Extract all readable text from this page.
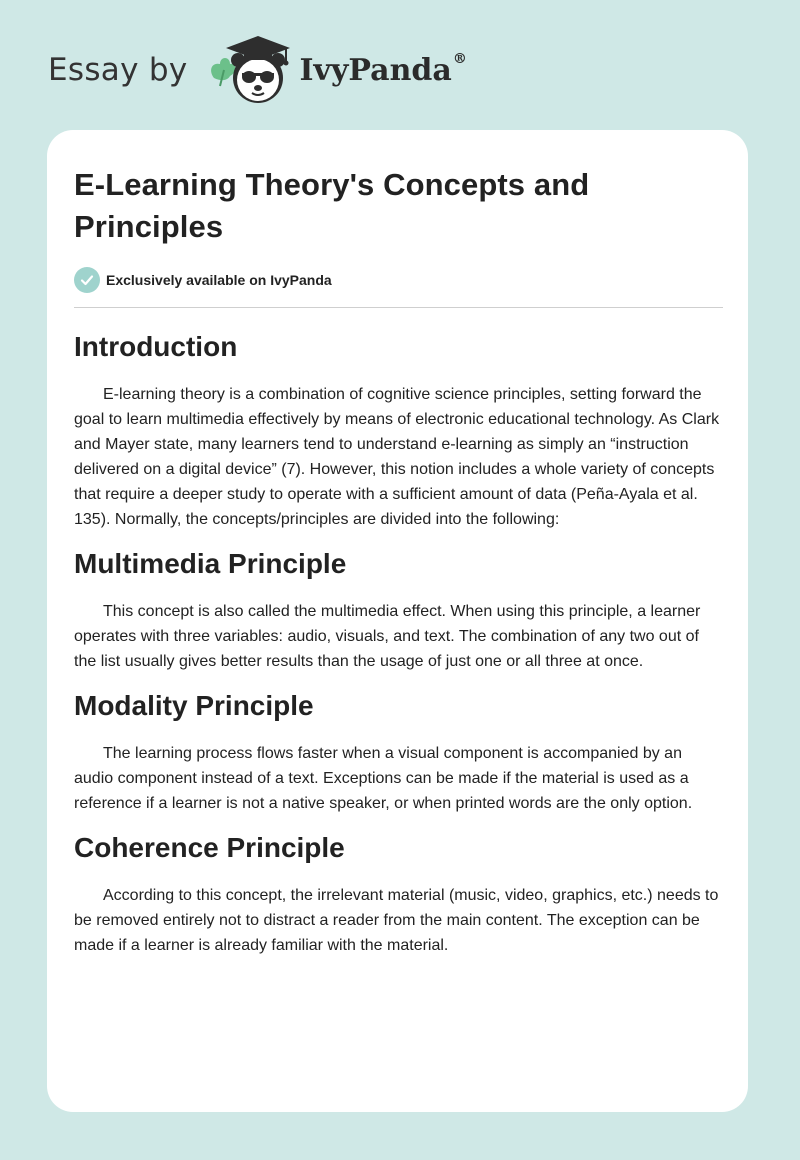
Essay by	IvyPanda®
E-Learning Theory's Concepts and Principles
Exclusively available on IvyPanda
Introduction

E-learning theory is a combination of cognitive science principles, setting forward the goal to learn multimedia effectively by means of electronic educational technology. As Clark and Mayer state, many learners tend to understand e-learning as simply an “instruction delivered on a digital device” (7). However, this notion includes a whole variety of concepts that require a deeper study to operate with a sufficient amount of data (Peña-Ayala et al. 135). Normally, the concepts/principles are divided into the following:

Multimedia Principle

This concept is also called the multimedia effect. When using this principle, a learner operates with three variables: audio, visuals, and text. The combination of any two out of the list usually gives better results than the usage of just one or all three at once.

Modality Principle

The learning process flows faster when a visual component is accompanied by an audio component instead of a text. Exceptions can be made if the material is used as a reference if a learner is not a native speaker, or when printed words are the only option.

Coherence Principle

According to this concept, the irrelevant material (music, video, graphics, etc.) needs to be removed entirely not to distract a reader from the main content. The exception can be made if a learner is already familiar with the material.
